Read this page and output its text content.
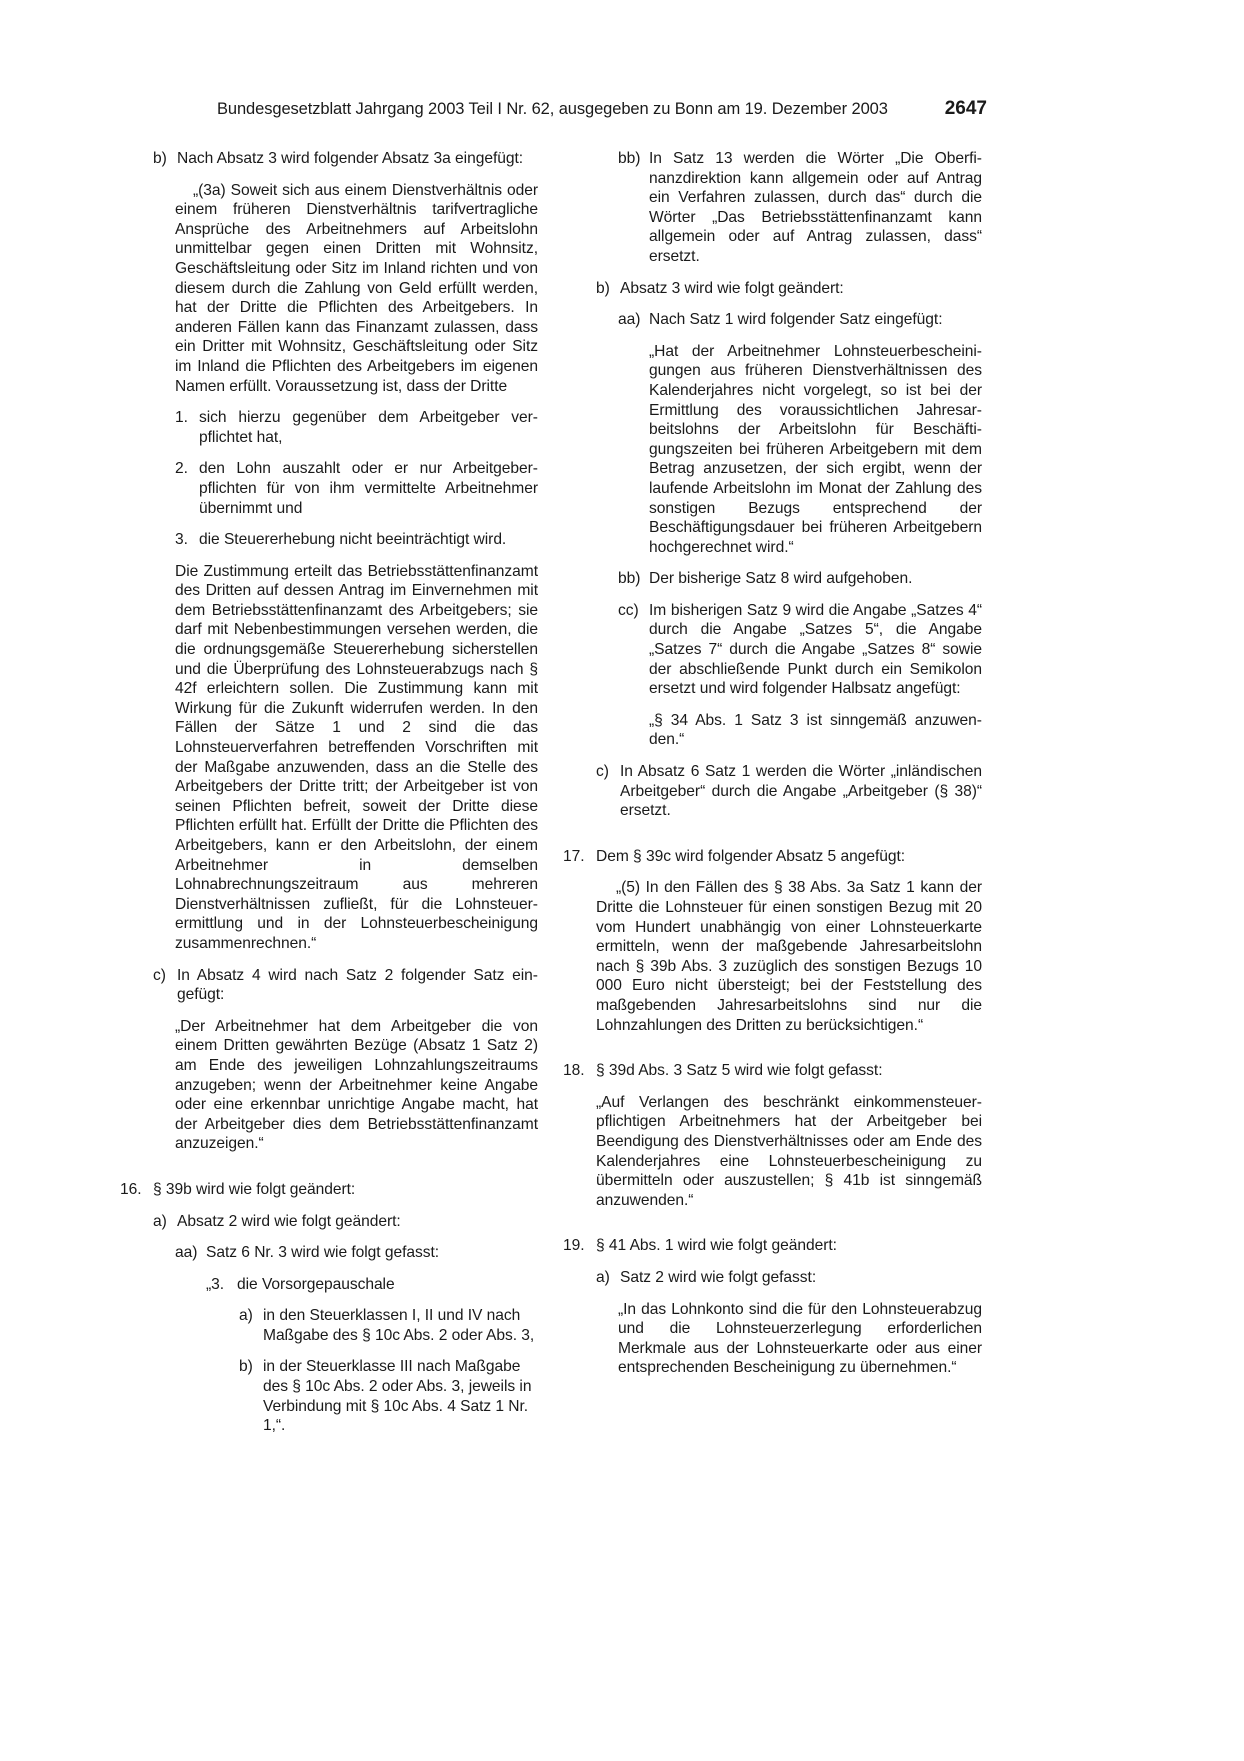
Bundesgesetzblatt Jahrgang 2003 Teil I Nr. 62, ausgegeben zu Bonn am 19. Dezember 2003	2647
b) Nach Absatz 3 wird folgender Absatz 3a eingefügt:
„(3a) Soweit sich aus einem Dienstverhältnis oder einem früheren Dienstverhältnis tarifvertragliche Ansprüche des Arbeitnehmers auf Arbeitslohn unmittelbar gegen einen Dritten mit Wohnsitz, Geschäftsleitung oder Sitz im Inland richten und von diesem durch die Zahlung von Geld erfüllt werden, hat der Dritte die Pflichten des Arbeitgebers. In anderen Fällen kann das Finanzamt zulassen, dass ein Dritter mit Wohnsitz, Geschäftsleitung oder Sitz im Inland die Pflichten des Arbeitgebers im eigenen Namen erfüllt. Voraussetzung ist, dass der Dritte
1. sich hierzu gegenüber dem Arbeitgeber verpflichtet hat,
2. den Lohn auszahlt oder er nur Arbeitgeberpflichten für von ihm vermittelte Arbeitnehmer übernimmt und
3. die Steuererhebung nicht beeinträchtigt wird.
Die Zustimmung erteilt das Betriebsstättenfinanzamt des Dritten auf dessen Antrag im Einvernehmen mit dem Betriebsstättenfinanzamt des Arbeitgebers; sie darf mit Nebenbestimmungen versehen werden, die die ordnungsgemäße Steuererhebung sicherstellen und die Überprüfung des Lohnsteuerabzugs nach § 42f erleichtern sollen. Die Zustimmung kann mit Wirkung für die Zukunft widerrufen werden. In den Fällen der Sätze 1 und 2 sind die das Lohnsteuerverfahren betreffenden Vorschriften mit der Maßgabe anzuwenden, dass an die Stelle des Arbeitgebers der Dritte tritt; der Arbeitgeber ist von seinen Pflichten befreit, soweit der Dritte diese Pflichten erfüllt hat. Erfüllt der Dritte die Pflichten des Arbeitgebers, kann er den Arbeitslohn, der einem Arbeitnehmer in demselben Lohnabrechnungszeitraum aus mehreren Dienstverhältnissen zufließt, für die Lohnsteuerermittlung und in der Lohnsteuerbescheinigung zusammenrechnen.“
c) In Absatz 4 wird nach Satz 2 folgender Satz eingefügt:
„Der Arbeitnehmer hat dem Arbeitgeber die von einem Dritten gewährten Bezüge (Absatz 1 Satz 2) am Ende des jeweiligen Lohnzahlungszeitraums anzugeben; wenn der Arbeitnehmer keine Angabe oder eine erkennbar unrichtige Angabe macht, hat der Arbeitgeber dies dem Betriebsstättenfinanzamt anzuzeigen.“
16. § 39b wird wie folgt geändert:
a) Absatz 2 wird wie folgt geändert:
aa) Satz 6 Nr. 3 wird wie folgt gefasst:
„3. die Vorsorgepauschale
a) in den Steuerklassen I, II und IV nach Maßgabe des § 10c Abs. 2 oder Abs. 3,
b) in der Steuerklasse III nach Maßgabe des § 10c Abs. 2 oder Abs. 3, jeweils in Verbindung mit § 10c Abs. 4 Satz 1 Nr. 1,“.
bb) In Satz 13 werden die Wörter „Die Oberfinanzdirektion kann allgemein oder auf Antrag ein Verfahren zulassen, durch das“ durch die Wörter „Das Betriebsstättenfinanzamt kann allgemein oder auf Antrag zulassen, dass“ ersetzt.
b) Absatz 3 wird wie folgt geändert:
aa) Nach Satz 1 wird folgender Satz eingefügt:
„Hat der Arbeitnehmer Lohnsteuerbescheinigungen aus früheren Dienstverhältnissen des Kalenderjahres nicht vorgelegt, so ist bei der Ermittlung des voraussichtlichen Jahresarbeitslohns der Arbeitslohn für Beschäftigungszeiten bei früheren Arbeitgebern mit dem Betrag anzusetzen, der sich ergibt, wenn der laufende Arbeitslohn im Monat der Zahlung des sonstigen Bezugs entsprechend der Beschäftigungsdauer bei früheren Arbeitgebern hochgerechnet wird.“
bb) Der bisherige Satz 8 wird aufgehoben.
cc) Im bisherigen Satz 9 wird die Angabe „Satzes 4“ durch die Angabe „Satzes 5“, die Angabe „Satzes 7“ durch die Angabe „Satzes 8“ sowie der abschließende Punkt durch ein Semikolon ersetzt und wird folgender Halbsatz angefügt:
„§ 34 Abs. 1 Satz 3 ist sinngemäß anzuwenden.“
c) In Absatz 6 Satz 1 werden die Wörter „inländischen Arbeitgeber“ durch die Angabe „Arbeitgeber (§ 38)“ ersetzt.
17. Dem § 39c wird folgender Absatz 5 angefügt:
„(5) In den Fällen des § 38 Abs. 3a Satz 1 kann der Dritte die Lohnsteuer für einen sonstigen Bezug mit 20 vom Hundert unabhängig von einer Lohnsteuerkarte ermitteln, wenn der maßgebende Jahresarbeitslohn nach § 39b Abs. 3 zuzüglich des sonstigen Bezugs 10 000 Euro nicht übersteigt; bei der Feststellung des maßgebenden Jahresarbeitslohns sind nur die Lohnzahlungen des Dritten zu berücksichtigen.“
18. § 39d Abs. 3 Satz 5 wird wie folgt gefasst:
„Auf Verlangen des beschränkt einkommensteuerpflichtigen Arbeitnehmers hat der Arbeitgeber bei Beendigung des Dienstverhältnisses oder am Ende des Kalenderjahres eine Lohnsteuerbescheinigung zu übermitteln oder auszustellen; § 41b ist sinngemäß anzuwenden.“
19. § 41 Abs. 1 wird wie folgt geändert:
a) Satz 2 wird wie folgt gefasst:
„In das Lohnkonto sind die für den Lohnsteuerabzug und die Lohnsteuerzerlegung erforderlichen Merkmale aus der Lohnsteuerkarte oder aus einer entsprechenden Bescheinigung zu übernehmen.“
